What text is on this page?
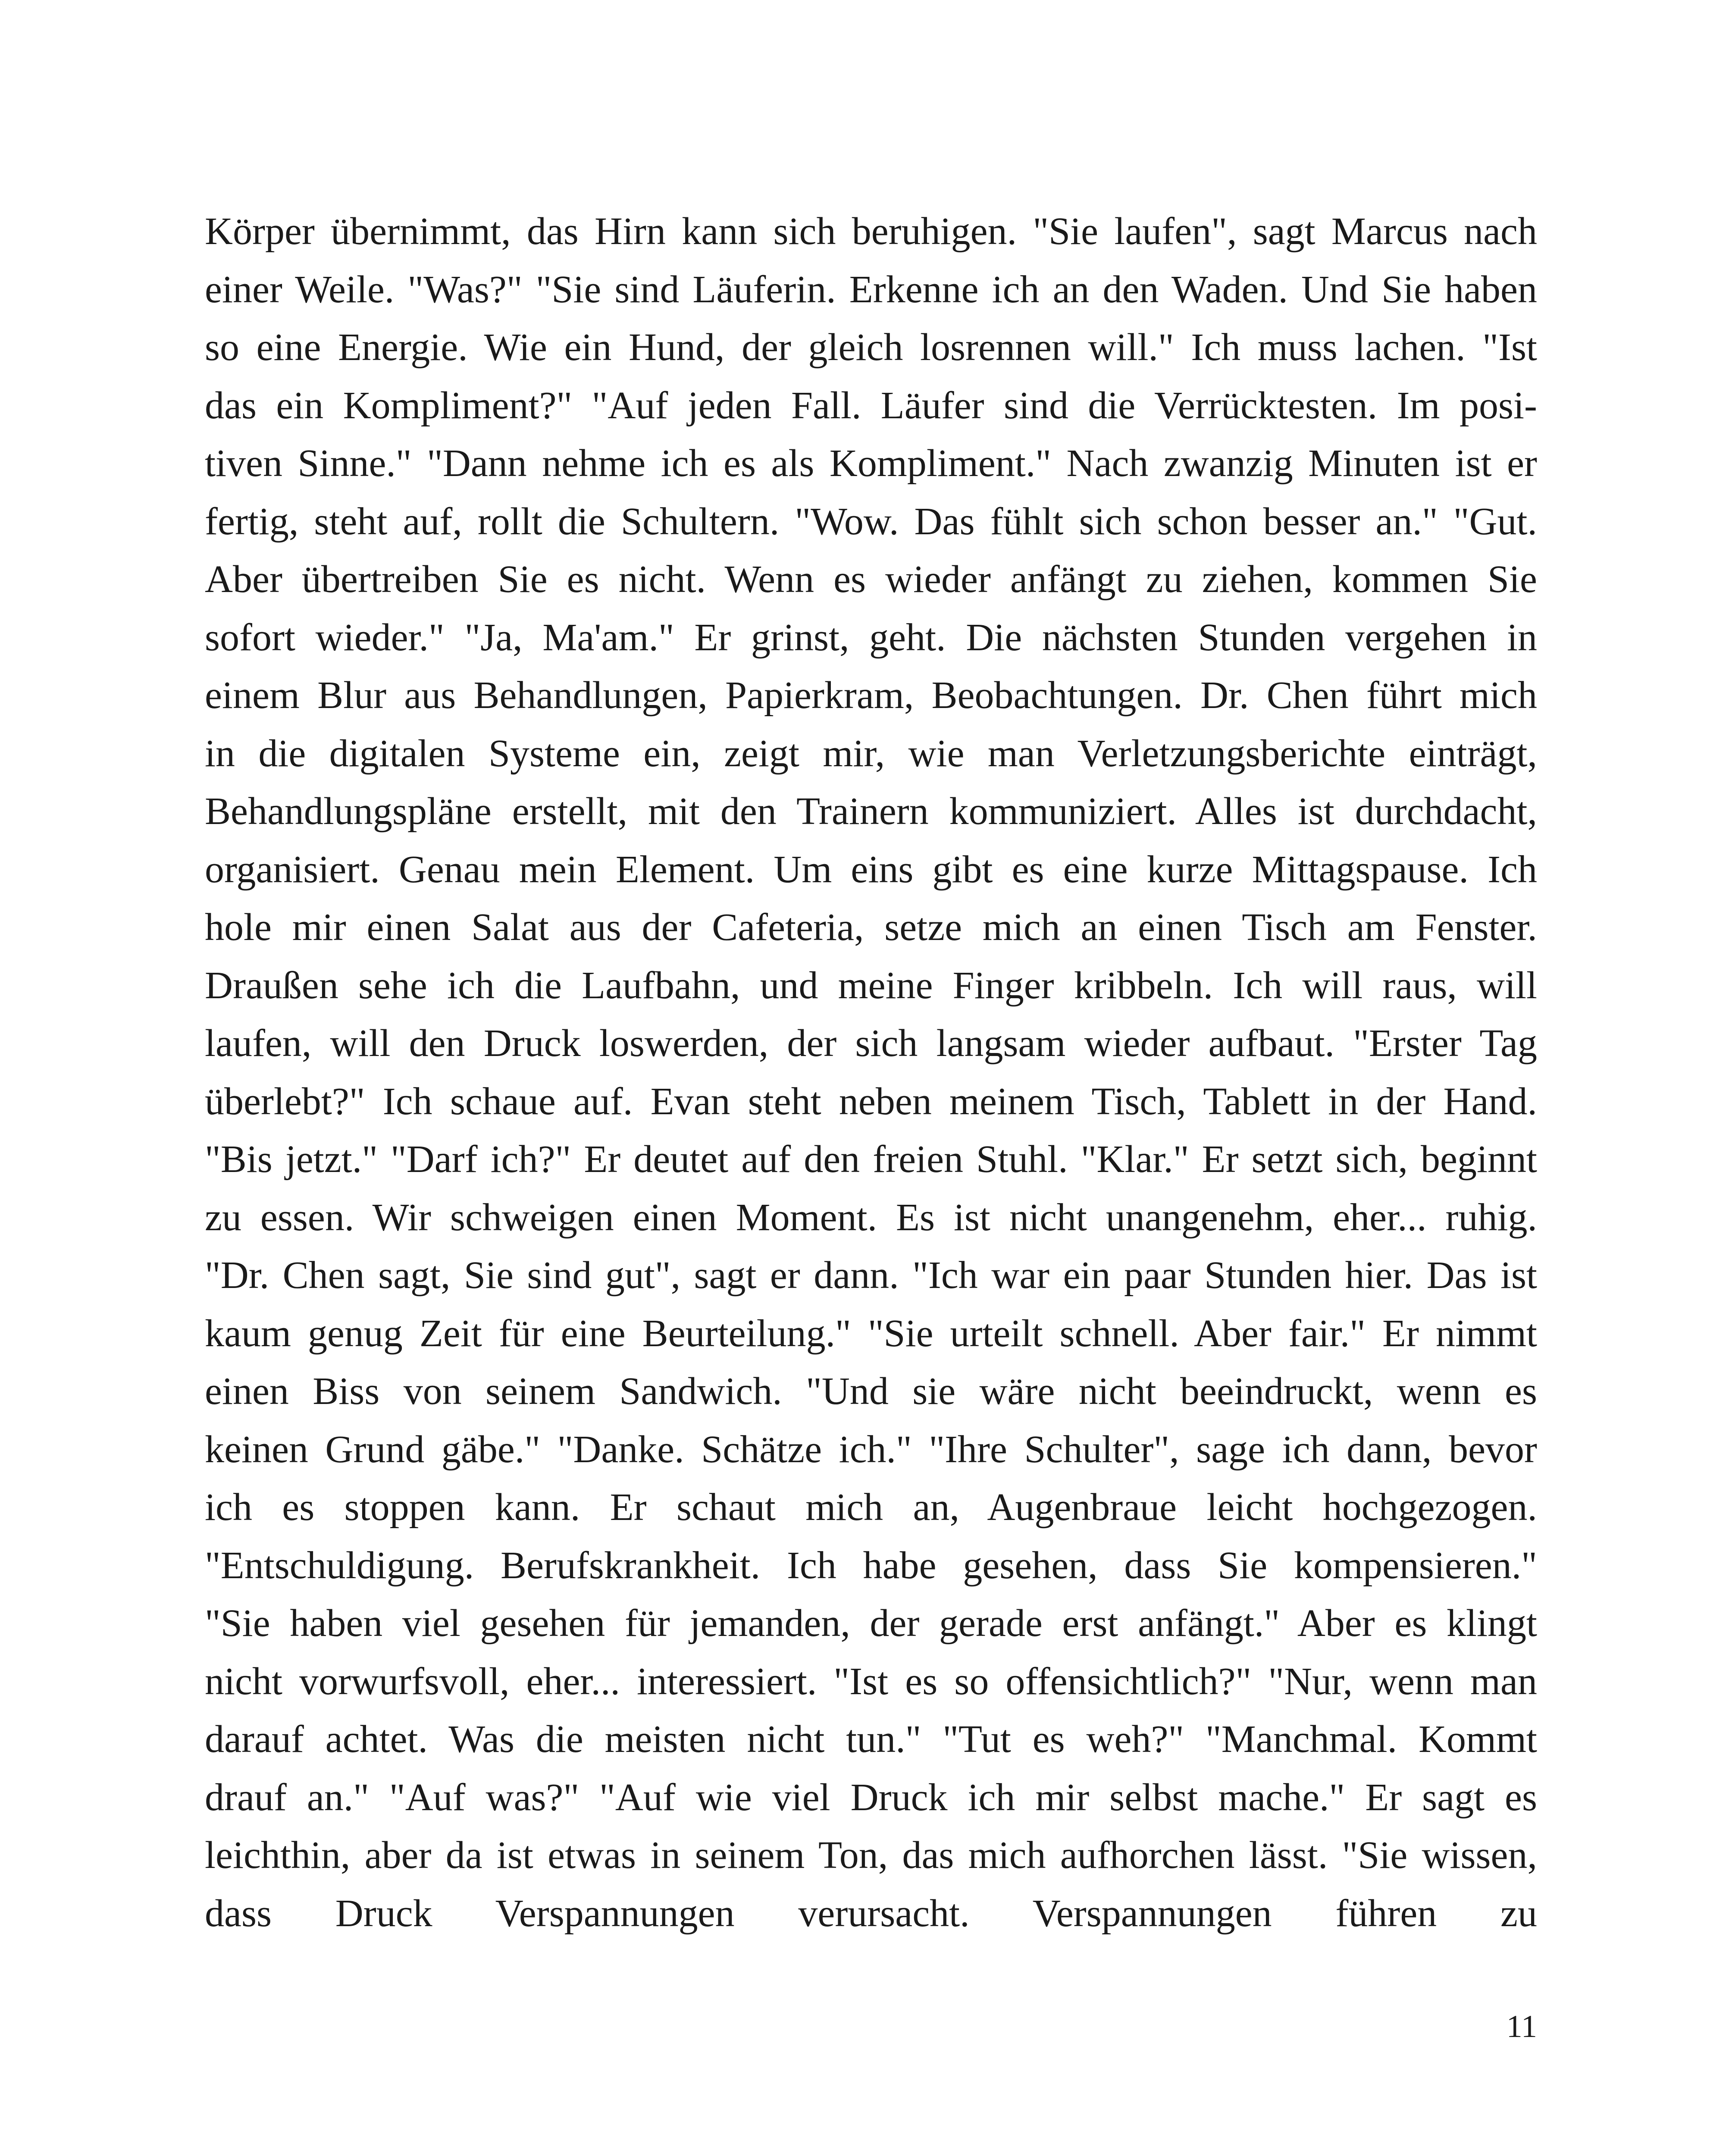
Körper übernimmt, das Hirn kann sich beruhigen. "Sie laufen", sagt Marcus nach
einer Weile. "Was?" "Sie sind Läuferin. Erkenne ich an den Waden. Und Sie haben
so eine Energie. Wie ein Hund, der gleich losrennen will." Ich muss lachen. "Ist
das ein Kompliment?" "Auf jeden Fall. Läufer sind die Verrücktesten. Im posi-
tiven Sinne." "Dann nehme ich es als Kompliment." Nach zwanzig Minuten ist er
fertig, steht auf, rollt die Schultern. "Wow. Das fühlt sich schon besser an." "Gut.
Aber übertreiben Sie es nicht. Wenn es wieder anfängt zu ziehen, kommen Sie
sofort wieder." "Ja, Ma'am." Er grinst, geht. Die nächsten Stunden vergehen in
einem Blur aus Behandlungen, Papierkram, Beobachtungen. Dr. Chen führt mich
in die digitalen Systeme ein, zeigt mir, wie man Verletzungsberichte einträgt,
Behandlungspläne erstellt, mit den Trainern kommuniziert. Alles ist durchdacht,
organisiert. Genau mein Element. Um eins gibt es eine kurze Mittagspause. Ich
hole mir einen Salat aus der Cafeteria, setze mich an einen Tisch am Fenster.
Draußen sehe ich die Laufbahn, und meine Finger kribbeln. Ich will raus, will
laufen, will den Druck loswerden, der sich langsam wieder aufbaut. "Erster Tag
überlebt?" Ich schaue auf. Evan steht neben meinem Tisch, Tablett in der Hand.
"Bis jetzt." "Darf ich?" Er deutet auf den freien Stuhl. "Klar." Er setzt sich, beginnt
zu essen. Wir schweigen einen Moment. Es ist nicht unangenehm, eher... ruhig.
"Dr. Chen sagt, Sie sind gut", sagt er dann. "Ich war ein paar Stunden hier. Das ist
kaum genug Zeit für eine Beurteilung." "Sie urteilt schnell. Aber fair." Er nimmt
einen Biss von seinem Sandwich. "Und sie wäre nicht beeindruckt, wenn es
keinen Grund gäbe." "Danke. Schätze ich." "Ihre Schulter", sage ich dann, bevor
ich es stoppen kann. Er schaut mich an, Augenbraue leicht hochgezogen.
"Entschuldigung. Berufskrankheit. Ich habe gesehen, dass Sie kompensieren."
"Sie haben viel gesehen für jemanden, der gerade erst anfängt." Aber es klingt
nicht vorwurfsvoll, eher... interessiert. "Ist es so offensichtlich?" "Nur, wenn man
darauf achtet. Was die meisten nicht tun." "Tut es weh?" "Manchmal. Kommt
drauf an." "Auf was?" "Auf wie viel Druck ich mir selbst mache." Er sagt es
leichthin, aber da ist etwas in seinem Ton, das mich aufhorchen lässt. "Sie wissen,
dass Druck Verspannungen verursacht. Verspannungen führen zu
11
